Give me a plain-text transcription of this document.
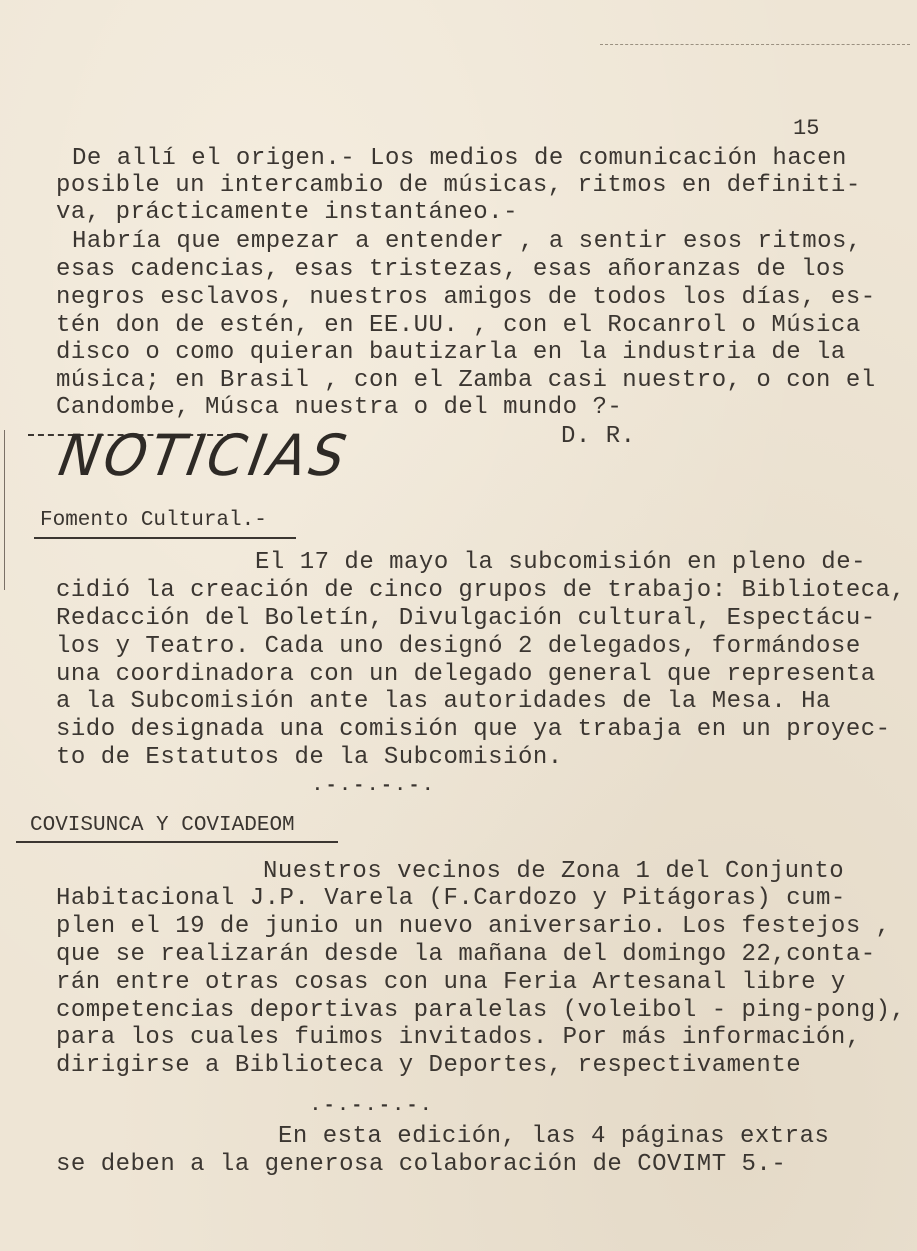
15
De allí el origen.- Los medios de comunicación hacen
posible un intercambio de músicas, ritmos en definiti-
va, prácticamente instantáneo.-
Habría que empezar a entender , a sentir esos ritmos,
esas cadencias, esas tristezas, esas añoranzas de los
negros esclavos, nuestros amigos de todos los días, es-
tén don de estén, en EE.UU. , con el Rocanrol o Música
disco o como quieran bautizarla en la industria de la
música; en Brasil , con el Zamba casi nuestro, o con el
Candombe, Músca nuestra o del mundo ?-
D. R.
NOTICIAS
Fomento Cultural.-
El 17 de mayo la subcomisión en pleno de-
cidió la creación de cinco grupos de trabajo: Biblioteca,
Redacción del Boletín, Divulgación cultural, Espectácu-
los y Teatro. Cada uno designó 2 delegados, formándose
una coordinadora con un delegado general que representa
a la Subcomisión ante las autoridades de la Mesa. Ha
sido designada una comisión que ya trabaja en un proyec-
to de Estatutos de la Subcomisión.
.-.-.-.-.
COVISUNCA Y COVIADEOM
Nuestros vecinos de Zona 1 del Conjunto
Habitacional J.P. Varela (F.Cardozo y Pitágoras) cum-
plen el 19 de junio un nuevo aniversario. Los festejos ,
que se realizarán desde la mañana del domingo 22,conta-
rán entre otras cosas con una Feria Artesanal libre y
competencias deportivas paralelas (voleibol - ping-pong),
para los cuales fuimos invitados. Por más información,
dirigirse a Biblioteca y Deportes, respectivamente
.-.-.-.-.
En esta edición, las 4 páginas extras
se deben a la generosa colaboración de COVIMT 5.-
